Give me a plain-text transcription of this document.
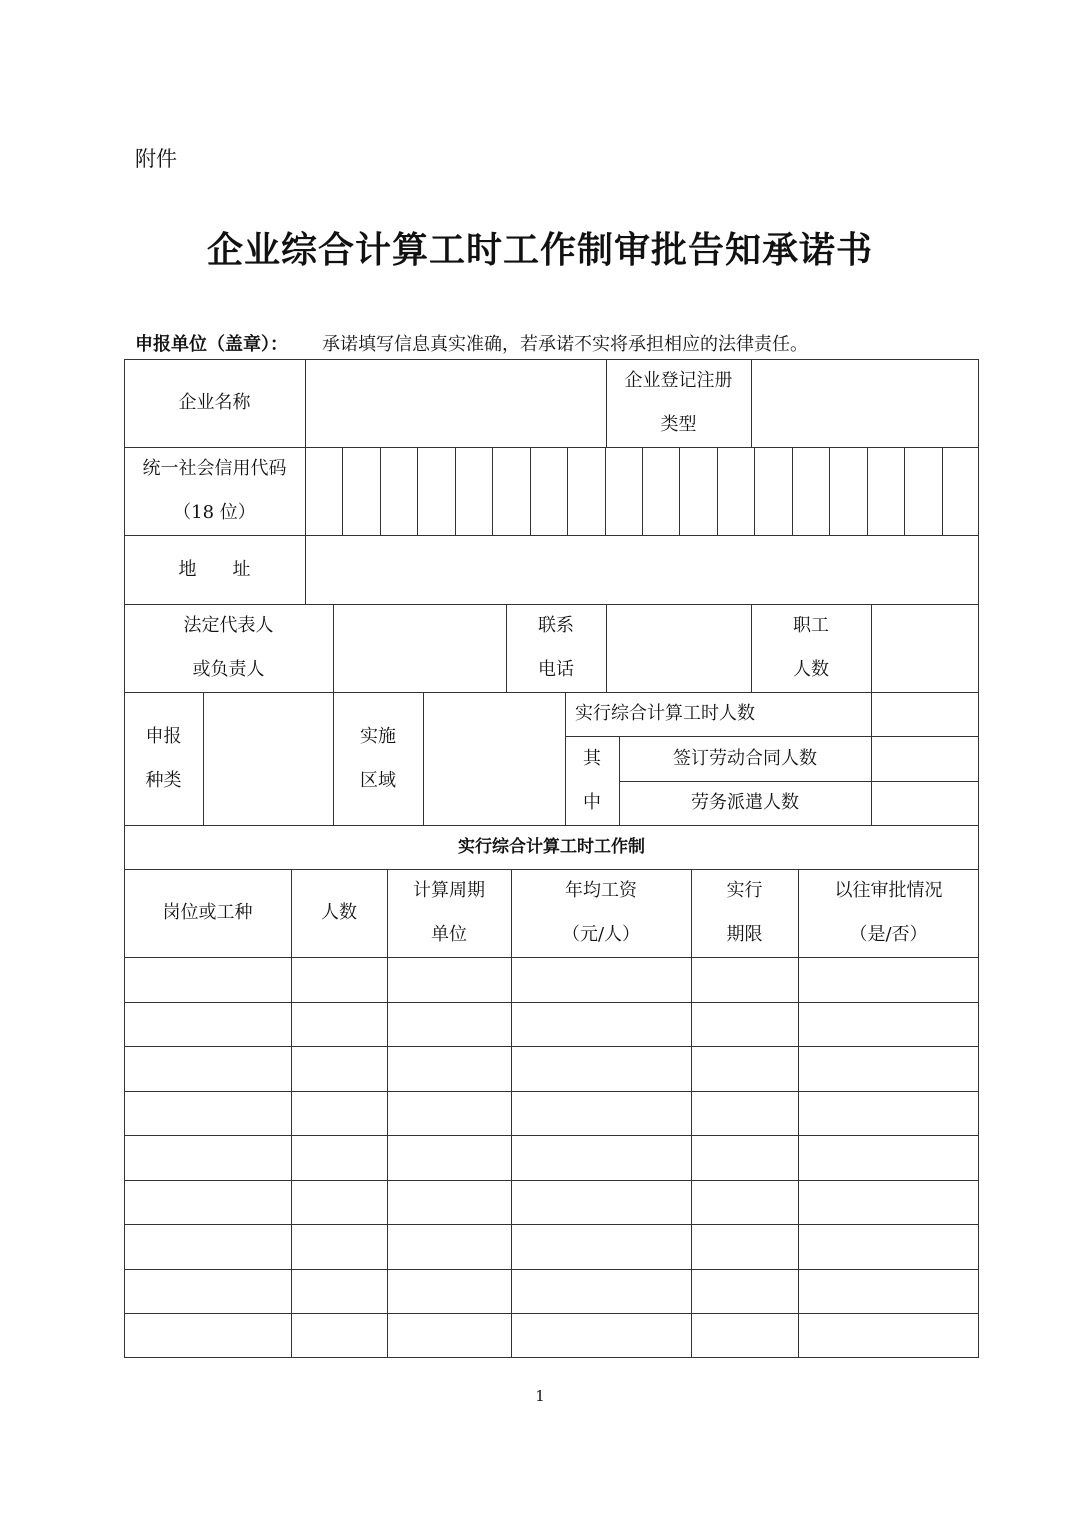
附件
企业综合计算工时工作制审批告知承诺书
申报单位（盖章）： 承诺填写信息真实准确，若承诺不实将承担相应的法律责任。
企业名称
企业登记注册
类型
统一社会信用代码
（18 位）
地　　址
法定代表人
或负责人
联系
电话
职工
人数
申报
种类
实施
区域
实行综合计算工时人数
其
中
签订劳动合同人数
劳务派遣人数
实行综合计算工时工作制
岗位或工种	人数
计算周期
单位
年均工资
（元/人）
实行
期限
以往审批情况
（是/否）
1
